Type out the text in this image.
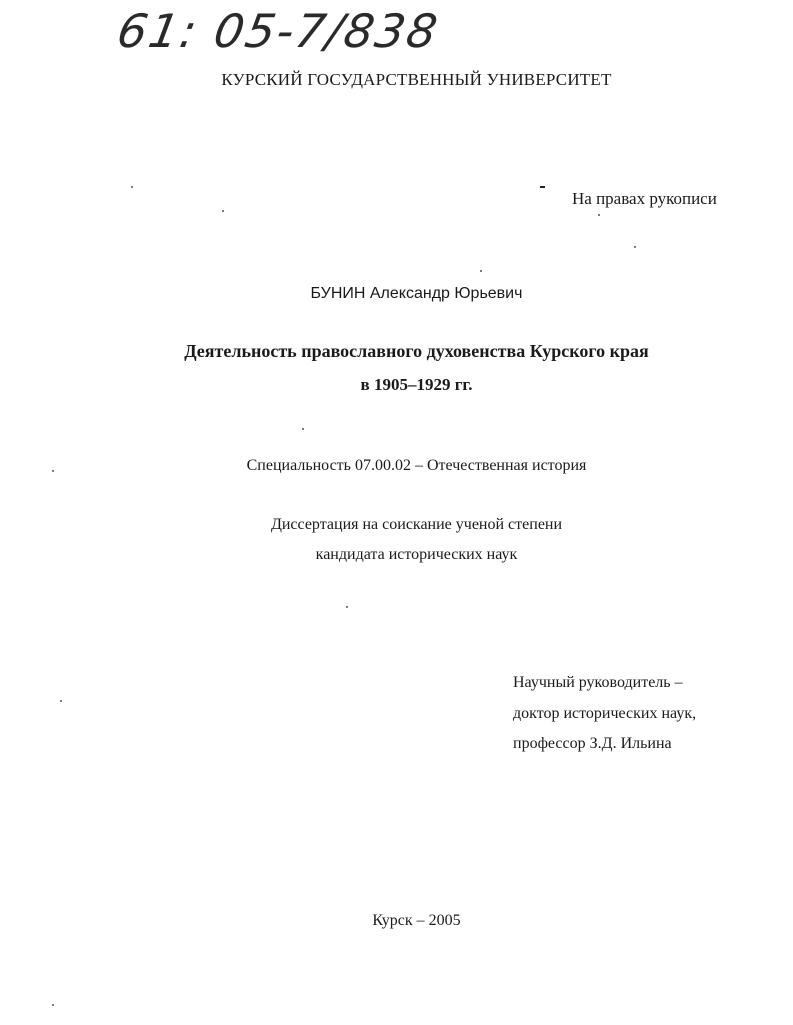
61: 05-7/838
КУРСКИЙ ГОСУДАРСТВЕННЫЙ УНИВЕРСИТЕТ
На правах рукописи
БУНИН Александр Юрьевич
Деятельность православного духовенства Курского края
в 1905–1929 гг.
Специальность 07.00.02 – Отечественная история
Диссертация на соискание ученой степени
кандидата исторических наук
Научный руководитель –
доктор исторических наук,
профессор З.Д. Ильина
Курск – 2005
